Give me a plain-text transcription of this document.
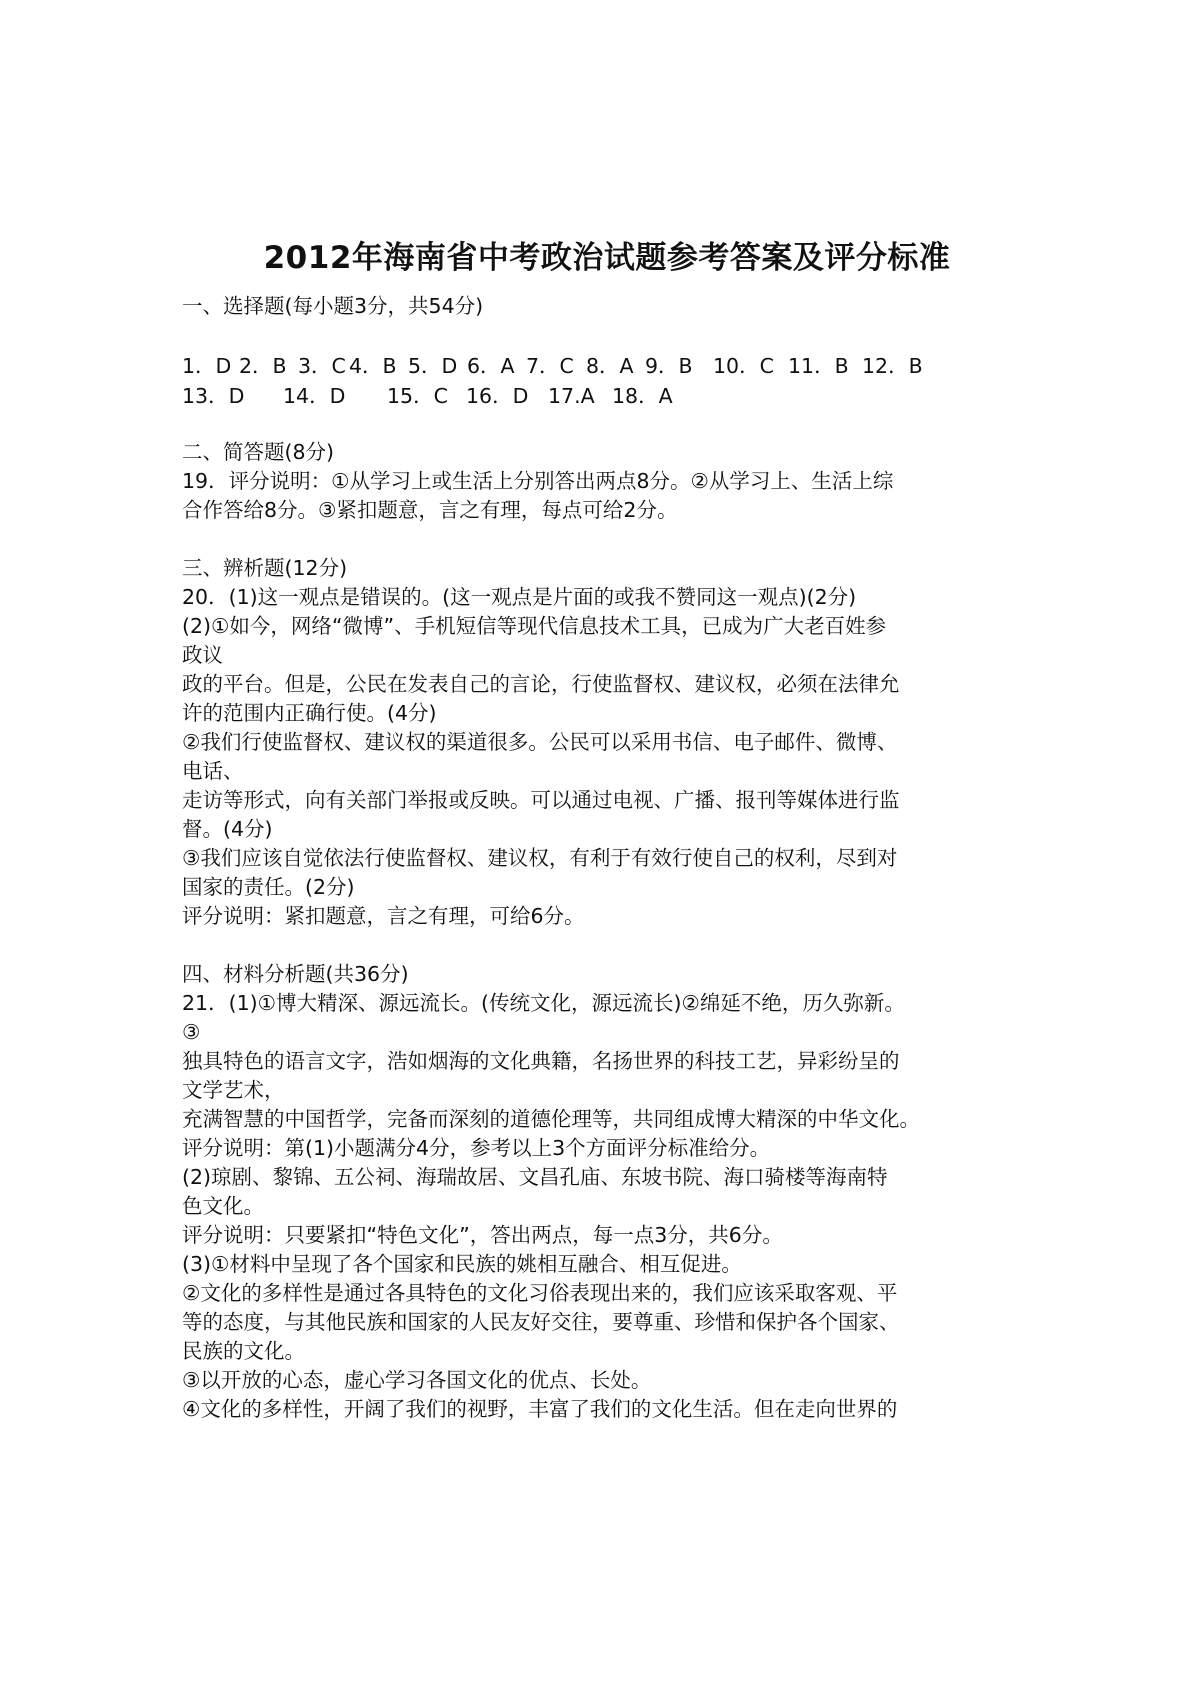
2012年海南省中考政治试题参考答案及评分标准
一、选择题(每小题3分，共54分)
1．D 2．B 3．C 4．B 5．D 6．A 7．C 8．A 9．B 10．C 11．B 12．B
13．D 14．D 15．C 16．D 17.A 18．A
二、简答题(8分)
19．评分说明：①从学习上或生活上分别答出两点8分。②从学习上、生活上综
合作答给8分。③紧扣题意，言之有理，每点可给2分。
三、辨析题(12分)
20．(1)这一观点是错误的。(这一观点是片面的或我不赞同这一观点)(2分)
(2)①如今，网络“微博”、手机短信等现代信息技术工具，已成为广大老百姓参
政议
政的平台。但是，公民在发表自己的言论，行使监督权、建议权，必须在法律允
许的范围内正确行使。(4分)
②我们行使监督权、建议权的渠道很多。公民可以采用书信、电子邮件、微博、
电话、
走访等形式，向有关部门举报或反映。可以通过电视、广播、报刊等媒体进行监
督。(4分)
③我们应该自觉依法行使监督权、建议权，有利于有效行使自己的权利，尽到对
国家的责任。(2分)
评分说明：紧扣题意，言之有理，可给6分。
四、材料分析题(共36分)
21．(1)①博大精深、源远流长。(传统文化，源远流长)②绵延不绝，历久弥新。
③
独具特色的语言文字，浩如烟海的文化典籍，名扬世界的科技工艺，异彩纷呈的
文学艺术，
充满智慧的中国哲学，完备而深刻的道德伦理等，共同组成博大精深的中华文化。
评分说明：第(1)小题满分4分，参考以上3个方面评分标准给分。
(2)琼剧、黎锦、五公祠、海瑞故居、文昌孔庙、东坡书院、海口骑楼等海南特
色文化。
评分说明：只要紧扣“特色文化”，答出两点，每一点3分，共6分。
(3)①材料中呈现了各个国家和民族的姚相互融合、相互促进。
②文化的多样性是通过各具特色的文化习俗表现出来的，我们应该采取客观、平
等的态度，与其他民族和国家的人民友好交往，要尊重、珍惜和保护各个国家、
民族的文化。
③以开放的心态，虚心学习各国文化的优点、长处。
④文化的多样性，开阔了我们的视野，丰富了我们的文化生活。但在走向世界的
